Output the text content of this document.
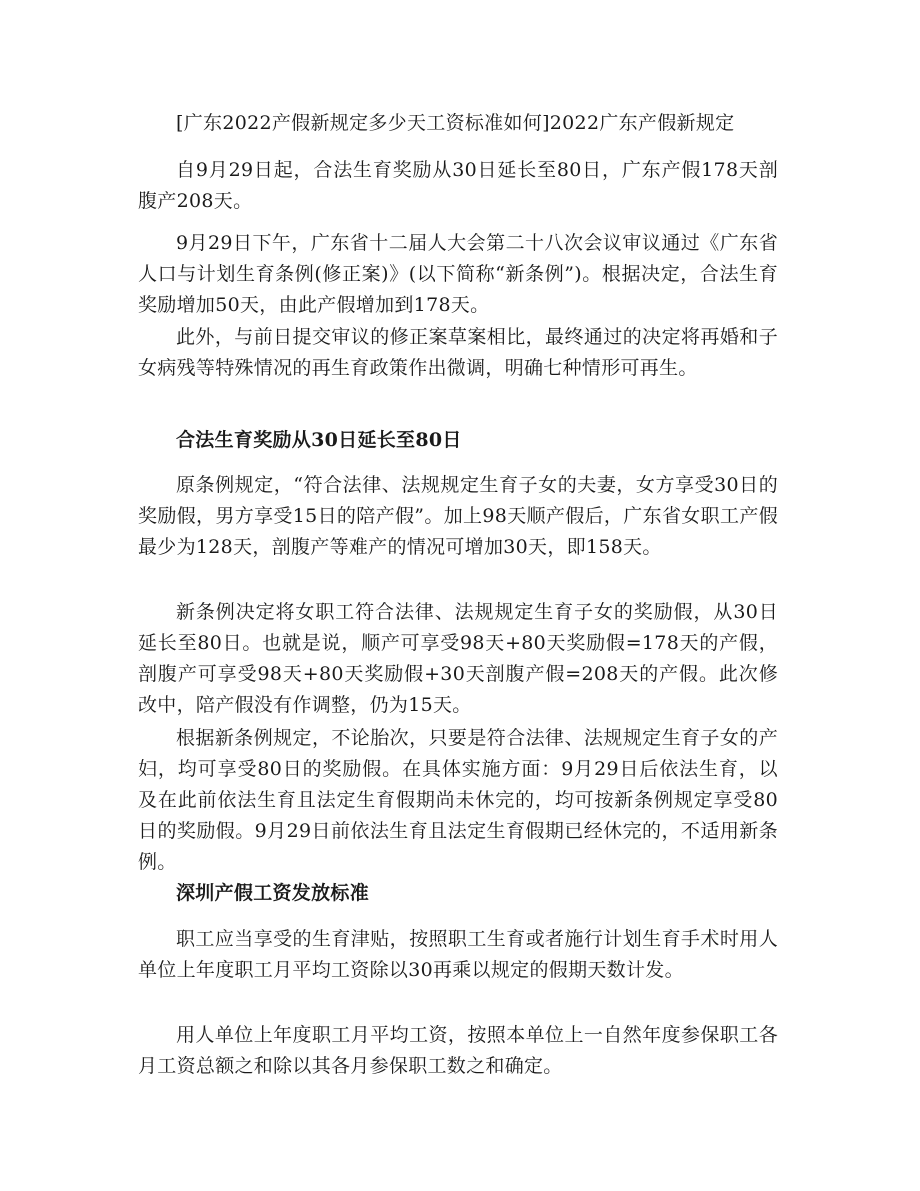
[广东2022产假新规定多少天工资标准如何]2022广东产假新规定

自9月29日起，合法生育奖励从30日延长至80日，广东产假178天剖腹产208天。

9月29日下午，广东省十二届人大会第二十八次会议审议通过《广东省人口与计划生育条例(修正案)》(以下简称“新条例”)。根据决定，合法生育奖励增加50天，由此产假增加到178天。

此外，与前日提交审议的修正案草案相比，最终通过的决定将再婚和子女病残等特殊情况的再生育政策作出微调，明确七种情形可再生。

合法生育奖励从30日延长至80日

原条例规定，“符合法律、法规规定生育子女的夫妻，女方享受30日的奖励假，男方享受15日的陪产假”。加上98天顺产假后，广东省女职工产假最少为128天，剖腹产等难产的情况可增加30天，即158天。

新条例决定将女职工符合法律、法规规定生育子女的奖励假，从30日延长至80日。也就是说，顺产可享受98天+80天奖励假=178天的产假，剖腹产可享受98天+80天奖励假+30天剖腹产假=208天的产假。此次修改中，陪产假没有作调整，仍为15天。

根据新条例规定，不论胎次，只要是符合法律、法规规定生育子女的产妇，均可享受80日的奖励假。在具体实施方面：9月29日后依法生育，以及在此前依法生育且法定生育假期尚未休完的，均可按新条例规定享受80日的奖励假。9月29日前依法生育且法定生育假期已经休完的，不适用新条例。

深圳产假工资发放标准

职工应当享受的生育津贴，按照职工生育或者施行计划生育手术时用人单位上年度职工月平均工资除以30再乘以规定的假期天数计发。

用人单位上年度职工月平均工资，按照本单位上一自然年度参保职工各月工资总额之和除以其各月参保职工数之和确定。
